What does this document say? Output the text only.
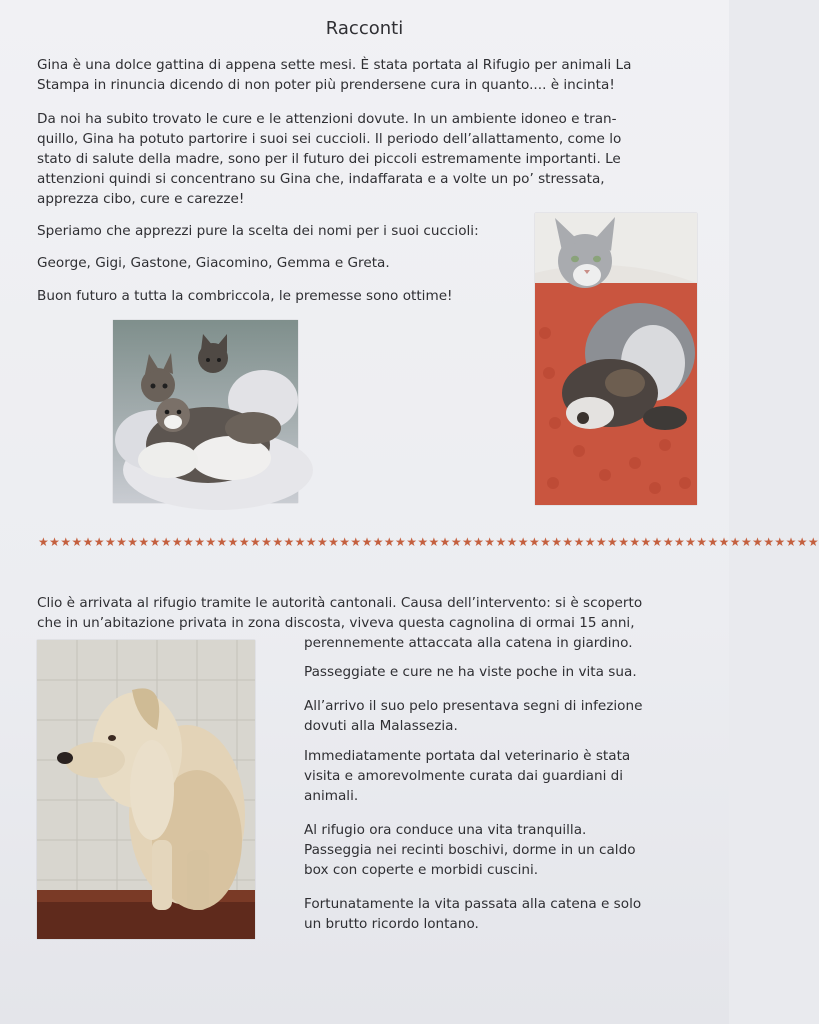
Racconti

Gina è una dolce gattina di appena sette mesi. È stata portata al Rifugio per animali La
Stampa in rinuncia dicendo di non poter più prendersene cura in quanto.... è incinta!

Da noi ha subito trovato le cure e le attenzioni dovute. In un ambiente idoneo e tran-
quillo, Gina ha potuto partorire i suoi sei cuccioli. Il periodo dell’allattamento, come lo
stato di salute della madre, sono per il futuro dei piccoli estremamente importanti. Le
attenzioni quindi si concentrano su Gina che, indaffarata e a volte un po’ stressata,
apprezza cibo, cure e carezze!

Speriamo che apprezzi pure la scelta dei nomi per i suoi cuccioli:

George, Gigi, Gastone, Giacomino, Gemma e Greta.

Buon futuro a tutta la combriccola, le premesse sono ottime!

★★★★★★★★★★★★★★★★★★★★★★★★★★★★★★★★★★★★★★★★★★★★★★★★★★★★★★★★★★★★★★★★★★★★★★

Clio è arrivata al rifugio tramite le autorità cantonali. Causa dell’intervento: si è scoperto

che in un’abitazione privata in zona discosta, viveva questa cagnolina di ormai 15 anni,

perennemente attaccata alla catena in giardino.

Passeggiate e cure ne ha viste poche in vita sua.

All’arrivo il suo pelo presentava segni di infezione
dovuti alla Malassezia.

Immediatamente portata dal veterinario è stata
visita e amorevolmente curata dai guardiani di
animali.

Al rifugio ora conduce una vita tranquilla.
Passeggia nei recinti boschivi, dorme in un caldo
box con coperte e morbidi cuscini.

Fortunatamente la vita passata alla catena e solo
un brutto ricordo lontano.
